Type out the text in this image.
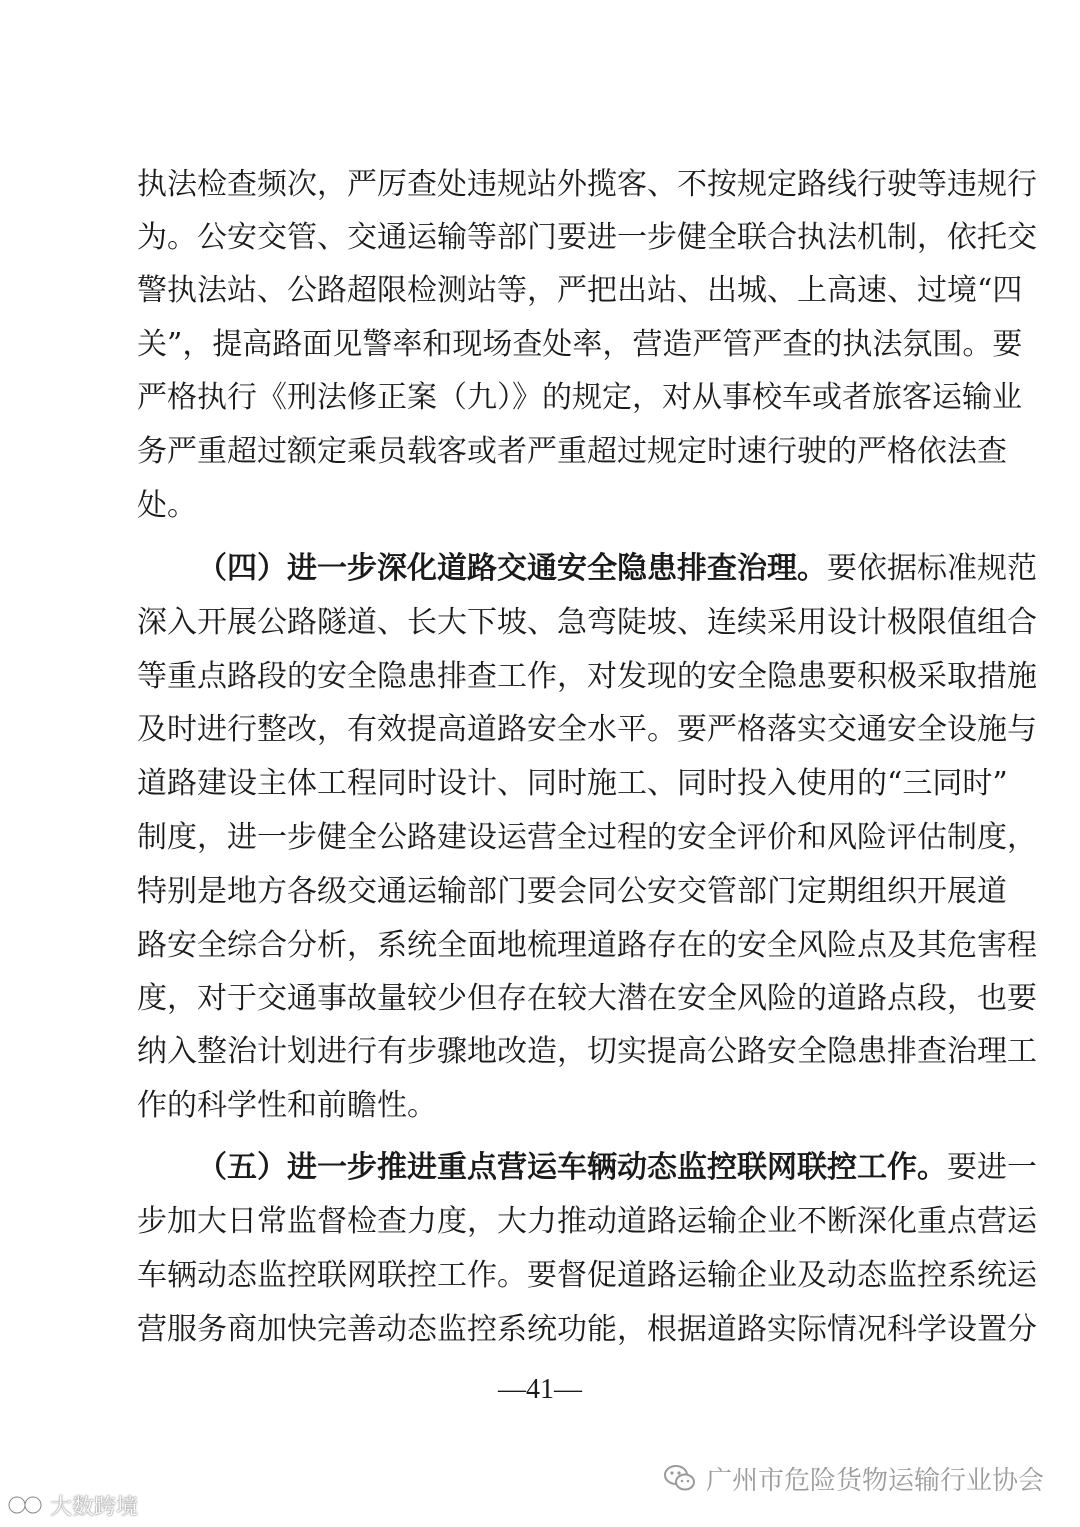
执法检查频次，严厉查处违规站外揽客、不按规定路线行驶等违规行
为。公安交管、交通运输等部门要进一步健全联合执法机制，依托交
警执法站、公路超限检测站等，严把出站、出城、上高速、过境“四
关”，提高路面见警率和现场查处率，营造严管严查的执法氛围。要
严格执行《刑法修正案（九）》的规定，对从事校车或者旅客运输业
务严重超过额定乘员载客或者严重超过规定时速行驶的严格依法查
处。
（四）进一步深化道路交通安全隐患排查治理。要依据标准规范
深入开展公路隧道、长大下坡、急弯陡坡、连续采用设计极限值组合
等重点路段的安全隐患排查工作，对发现的安全隐患要积极采取措施
及时进行整改，有效提高道路安全水平。要严格落实交通安全设施与
道路建设主体工程同时设计、同时施工、同时投入使用的“三同时”
制度，进一步健全公路建设运营全过程的安全评价和风险评估制度，
特别是地方各级交通运输部门要会同公安交管部门定期组织开展道
路安全综合分析，系统全面地梳理道路存在的安全风险点及其危害程
度，对于交通事故量较少但存在较大潜在安全风险的道路点段，也要
纳入整治计划进行有步骤地改造，切实提高公路安全隐患排查治理工
作的科学性和前瞻性。
（五）进一步推进重点营运车辆动态监控联网联控工作。要进一
步加大日常监督检查力度，大力推动道路运输企业不断深化重点营运
车辆动态监控联网联控工作。要督促道路运输企业及动态监控系统运
营服务商加快完善动态监控系统功能，根据道路实际情况科学设置分
—41—
广州市危险货物运输行业协会
大数跨境
